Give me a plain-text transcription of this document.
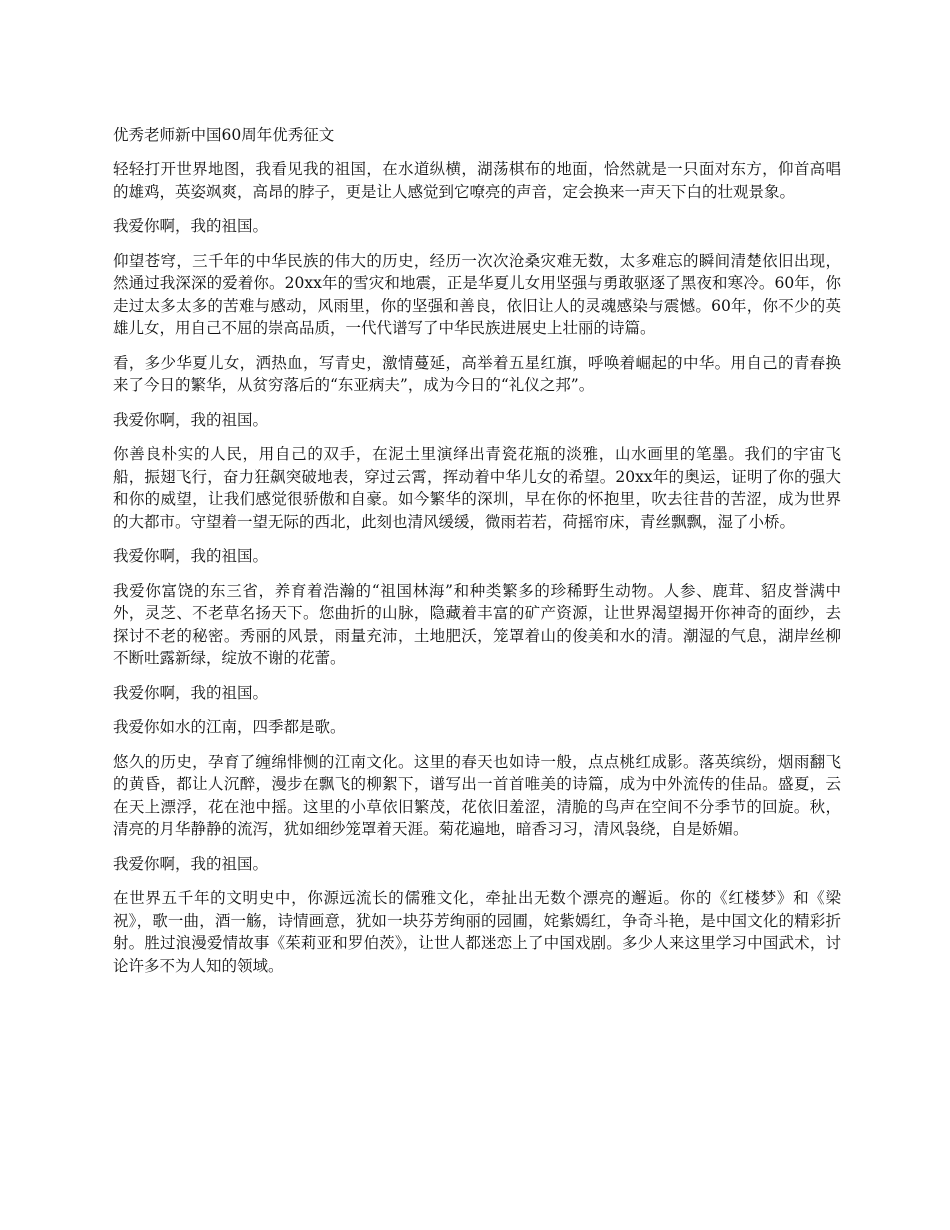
优秀老师新中国60周年优秀征文

轻轻打开世界地图，我看见我的祖国，在水道纵横，湖荡棋布的地面，恰然就是一只面对东方，仰首高唱的雄鸡，英姿飒爽，高昂的脖子，更是让人感觉到它嘹亮的声音，定会换来一声天下白的壮观景象。

我爱你啊，我的祖国。

仰望苍穹，三千年的中华民族的伟大的历史，经历一次次沧桑灾难无数，太多难忘的瞬间清楚依旧出现，然通过我深深的爱着你。20xx年的雪灾和地震，正是华夏儿女用坚强与勇敢驱逐了黑夜和寒冷。60年，你走过太多太多的苦难与感动，风雨里，你的坚强和善良，依旧让人的灵魂感染与震憾。60年，你不少的英雄儿女，用自己不屈的崇高品质，一代代谱写了中华民族进展史上壮丽的诗篇。

看，多少华夏儿女，洒热血，写青史，激情蔓延，高举着五星红旗，呼唤着崛起的中华。用自己的青春换来了今日的繁华，从贫穷落后的“东亚病夫”，成为今日的“礼仪之邦”。

我爱你啊，我的祖国。

你善良朴实的人民，用自己的双手，在泥土里演绎出青瓷花瓶的淡雅，山水画里的笔墨。我们的宇宙飞船，振翅飞行，奋力狂飙突破地表，穿过云霄，挥动着中华儿女的希望。20xx年的奥运，证明了你的强大和你的威望，让我们感觉很骄傲和自豪。如今繁华的深圳，早在你的怀抱里，吹去往昔的苦涩，成为世界的大都市。守望着一望无际的西北，此刻也清风缓缓，微雨若若，荷摇帘床，青丝飘飘，湿了小桥。

我爱你啊，我的祖国。

我爱你富饶的东三省，养育着浩瀚的“祖国林海”和种类繁多的珍稀野生动物。人参、鹿茸、貂皮誉满中外，灵芝、不老草名扬天下。您曲折的山脉，隐藏着丰富的矿产资源，让世界渴望揭开你神奇的面纱，去探讨不老的秘密。秀丽的风景，雨量充沛，土地肥沃，笼罩着山的俊美和水的清。潮湿的气息，湖岸丝柳不断吐露新绿，绽放不谢的花蕾。

我爱你啊，我的祖国。

我爱你如水的江南，四季都是歌。

悠久的历史，孕育了缠绵悱恻的江南文化。这里的春天也如诗一般，点点桃红成影。落英缤纷，烟雨翻飞的黄昏，都让人沉醉，漫步在飘飞的柳絮下，谱写出一首首唯美的诗篇，成为中外流传的佳品。盛夏，云在天上漂浮，花在池中摇。这里的小草依旧繁茂，花依旧羞涩，清脆的鸟声在空间不分季节的回旋。秋，清亮的月华静静的流泻，犹如细纱笼罩着天涯。菊花遍地，暗香习习，清风袅绕，自是娇媚。

我爱你啊，我的祖国。

在世界五千年的文明史中，你源远流长的儒雅文化，牵扯出无数个漂亮的邂逅。你的《红楼梦》和《梁祝》，歌一曲，酒一觞，诗情画意，犹如一块芬芳绚丽的园圃，姹紫嫣红，争奇斗艳，是中国文化的精彩折射。胜过浪漫爱情故事《茱莉亚和罗伯茨》，让世人都迷恋上了中国戏剧。多少人来这里学习中国武术，讨论许多不为人知的领域。
